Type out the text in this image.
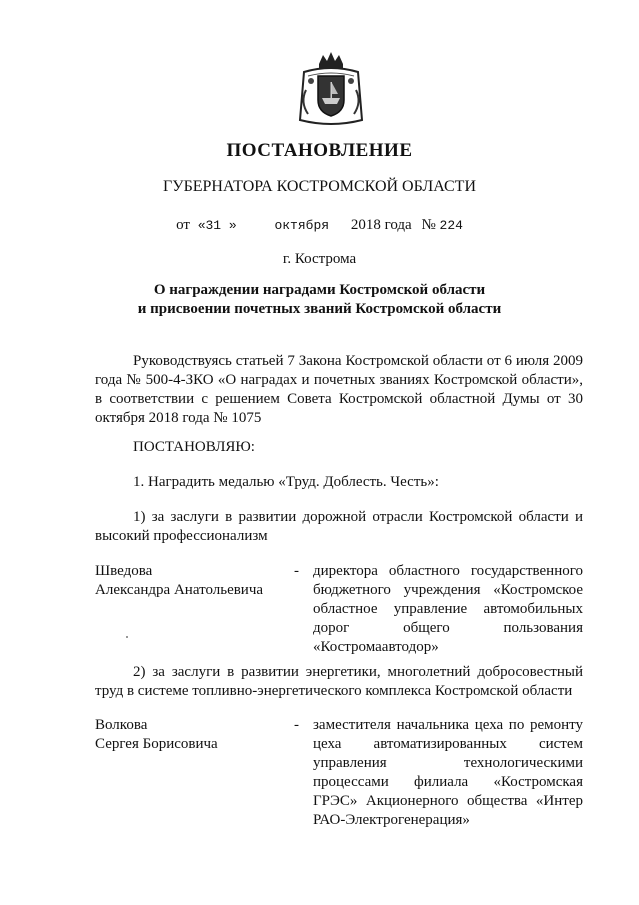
ПОСТАНОВЛЕНИЕ
ГУБЕРНАТОРА КОСТРОМСКОЙ ОБЛАСТИ
от «31 »	октября 2018 года № 224
г. Кострома
О награждении наградами Костромской области
и присвоении почетных званий Костромской области
Руководствуясь статьей 7 Закона Костромской области от 6 июля 2009 года № 500-4-ЗКО «О наградах и почетных званиях Костромской области», в соответствии с решением Совета Костромской областной Думы от 30 октября 2018 года № 1075
ПОСТАНОВЛЯЮ:
1. Наградить медалью «Труд. Доблесть. Честь»:
1) за заслуги в развитии дорожной отрасли Костромской области и высокий профессионализм
Шведова
Александра Анатольевича
- директора областного государственного бюджетного учреждения «Костромское областное управление автомобильных дорог общего пользования «Костромаавтодор»
2) за заслуги в развитии энергетики, многолетний добросовестный труд в системе топливно-энергетического комплекса Костромской области
Волкова
Сергея Борисовича
- заместителя начальника цеха по ремонту цеха автоматизированных систем управления технологическими процессами филиала «Костромская ГРЭС» Акционерного общества «Интер РАО-Электрогенерация»
